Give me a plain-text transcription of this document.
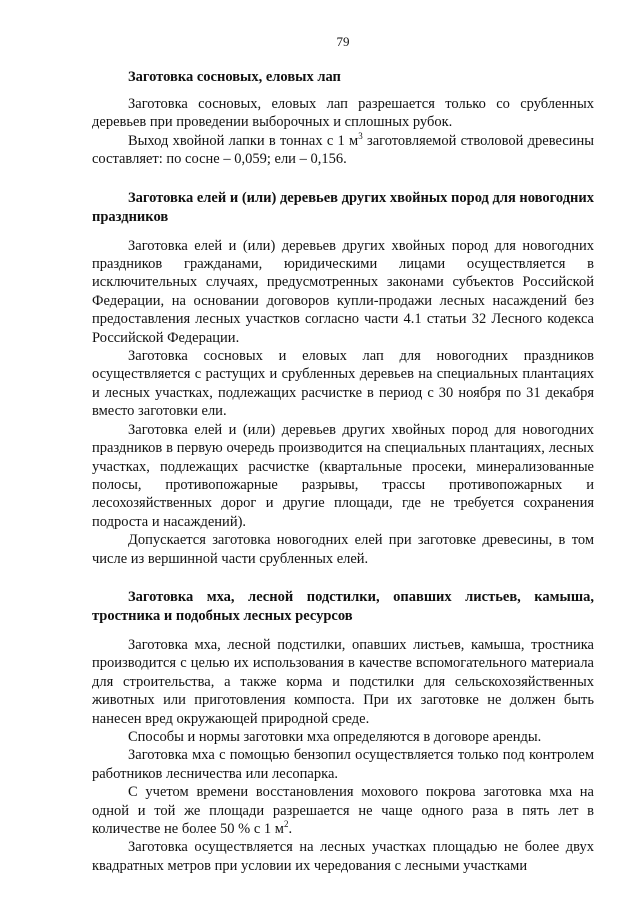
79

Заготовка сосновых, еловых лап

Заготовка сосновых, еловых лап разрешается только со срубленных деревьев при проведении выборочных и сплошных рубок.

Выход хвойной лапки в тоннах с 1 $м^3$ заготовляемой стволовой древесины составляет: по сосне – 0,059; ели – 0,156.

Заготовка елей и (или) деревьев других хвойных пород для новогодних праздников

Заготовка елей и (или) деревьев других хвойных пород для новогодних праздников гражданами, юридическими лицами осуществляется в исключительных случаях, предусмотренных законами субъектов Российской Федерации, на основании договоров купли-продажи лесных насаждений без предоставления лесных участков согласно части 4.1 статьи 32 Лесного кодекса Российской Федерации.

Заготовка сосновых и еловых лап для новогодних праздников осуществляется с растущих и срубленных деревьев на специальных плантациях и лесных участках, подлежащих расчистке в период с 30 ноября по 31 декабря вместо заготовки ели.

Заготовка елей и (или) деревьев других хвойных пород для новогодних праздников в первую очередь производится на специальных плантациях, лесных участках, подлежащих расчистке (квартальные просеки, минерализованные полосы, противопожарные разрывы, трассы противопожарных и лесохозяйственных дорог и другие площади, где не требуется сохранения подроста и насаждений).

Допускается заготовка новогодних елей при заготовке древесины, в том числе из вершинной части срубленных елей.

Заготовка мха, лесной подстилки, опавших листьев, камыша, тростника и подобных лесных ресурсов

Заготовка мха, лесной подстилки, опавших листьев, камыша, тростника производится с целью их использования в качестве вспомогательного материала для строительства, а также корма и подстилки для сельскохозяйственных животных или приготовления компоста. При их заготовке не должен быть нанесен вред окружающей природной среде.

Способы и нормы заготовки мха определяются в договоре аренды.

Заготовка мха с помощью бензопил осуществляется только под контролем работников лесничества или лесопарка.

С учетом времени восстановления мохового покрова заготовка мха на одной и той же площади разрешается не чаще одного раза в пять лет в количестве не более 50 % с 1 $м^2$.

Заготовка осуществляется на лесных участках площадью не более двух квадратных метров при условии их чередования с лесными участками
